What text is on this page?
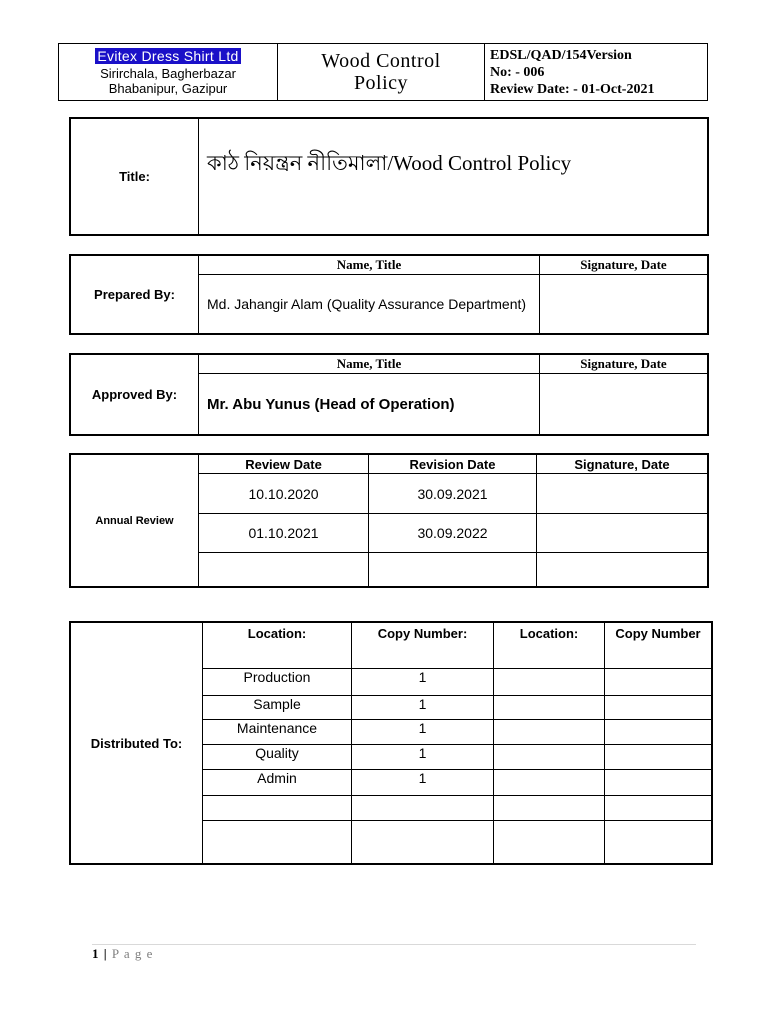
Evitex Dress Shirt Ltd
Sirirchala, Bagherbazar
Bhabanipur, Gazipur

Wood Control
Policy

EDSL/QAD/154Version
No: - 006
Review Date: - 01-Oct-2021
Title:	কাঠ নিয়ন্ত্রন নীতিমালা/Wood Control Policy
Prepared By:	Name, Title	Signature, Date
	Md. Jahangir Alam (Quality Assurance Department)	
Approved By:	Name, Title	Signature, Date
	Mr. Abu Yunus (Head of Operation)	
Annual Review	Review Date	Revision Date	Signature, Date
	10.10.2020	30.09.2021	
	01.10.2021	30.09.2022	

Distributed To:	Location:	Copy Number:	Location:	Copy Number
	Production	1		
	Sample	1		
	Maintenance	1		
	Quality	1		
	Admin	1		

1 | P a g e
